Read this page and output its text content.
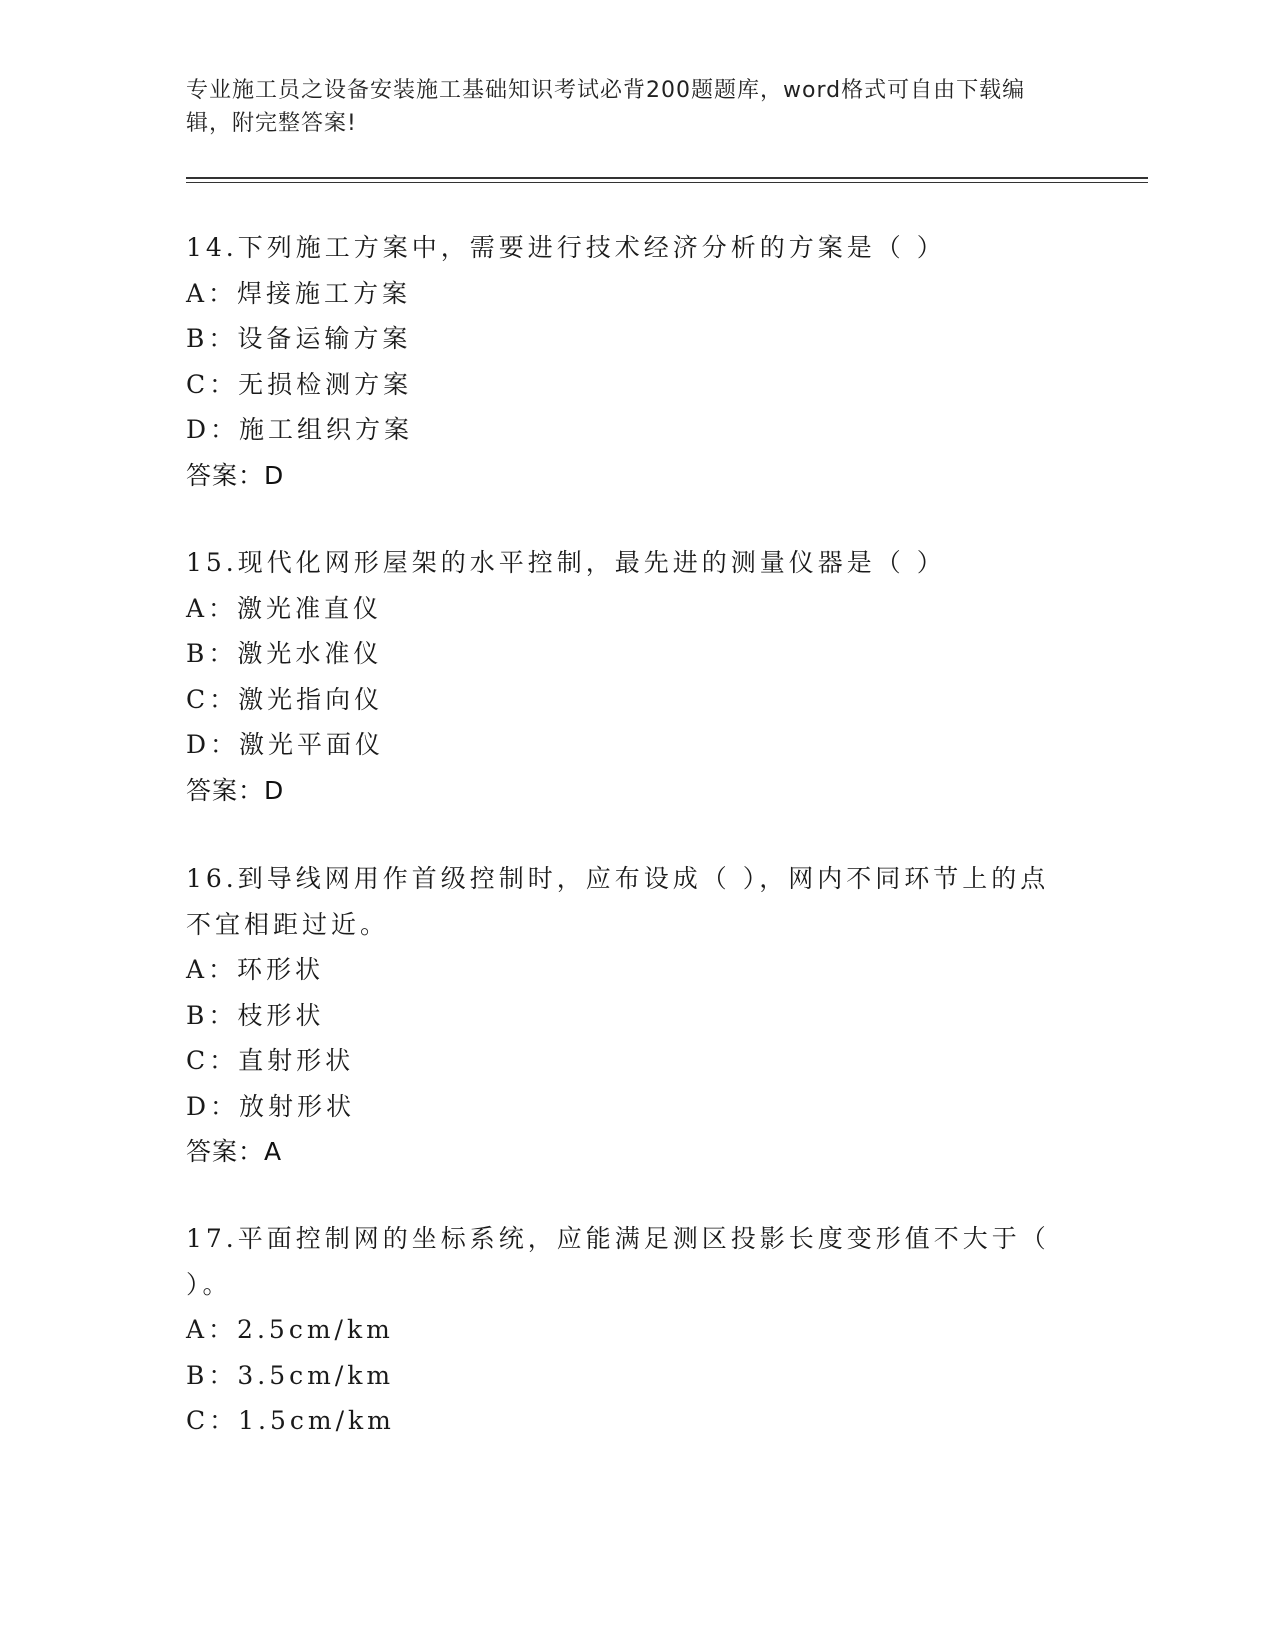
专业施工员之设备安装施工基础知识考试必背200题题库，word格式可自由下载编辑，附完整答案!
14.下列施工方案中，需要进行技术经济分析的方案是（ ）
A：焊接施工方案
B：设备运输方案
C：无损检测方案
D：施工组织方案
答案：D
15.现代化网形屋架的水平控制，最先进的测量仪器是（ ）
A：激光准直仪
B：激光水准仪
C：激光指向仪
D：激光平面仪
答案：D
16.到导线网用作首级控制时，应布设成（ ），网内不同环节上的点不宜相距过近。
A：环形状
B：枝形状
C：直射形状
D：放射形状
答案：A
17.平面控制网的坐标系统，应能满足测区投影长度变形值不大于（ ）。
A：2.5cm/km
B：3.5cm/km
C：1.5cm/km
